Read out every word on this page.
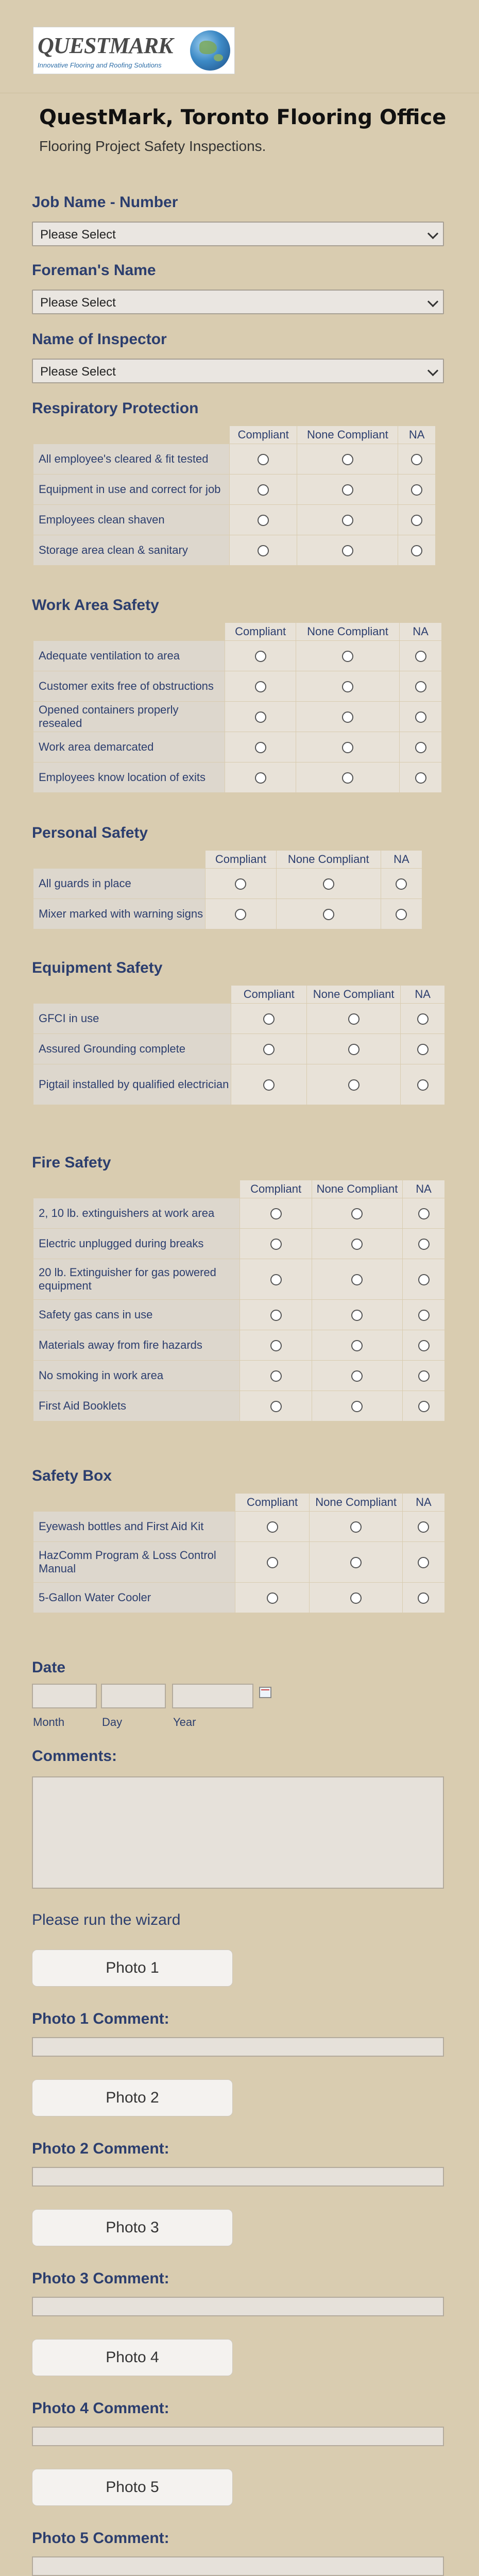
QUESTMARK
Innovative Flooring and Roofing Solutions
QuestMark, Toronto Flooring Office
Flooring Project Safety Inspections.
Job Name - Number
Please Select
Foreman's Name
Please Select
Name of Inspector
Please Select
Respiratory Protection
	Compliant	None Compliant	NA
All employee's cleared & fit tested			
Equipment in use and correct for job			
Employees clean shaven			
Storage area clean & sanitary			
Work Area Safety
	Compliant	None Compliant	NA
Adequate ventilation to area			
Customer exits free of obstructions			
Opened containers properly resealed			
Work area demarcated			
Employees know location of exits			
Personal Safety
	Compliant	None Compliant	NA
All guards in place			
Mixer marked with warning signs			
Equipment Safety
	Compliant	None Compliant	NA
GFCI in use			
Assured Grounding complete			
Pigtail installed by qualified electrician			
Fire Safety
	Compliant	None Compliant	NA
2, 10 lb. extinguishers at work area			
Electric unplugged during breaks			
20 lb. Extinguisher for gas powered equipment			
Safety gas cans in use			
Materials away from fire hazards			
No smoking in work area			
First Aid Booklets			
Safety Box
	Compliant	None Compliant	NA
Eyewash bottles and First Aid Kit			
HazComm Program & Loss Control Manual			
5-Gallon Water Cooler			
Date
Month	Day	Year
Comments:
Please run the wizard
Photo 1
Photo 1 Comment:
Photo 2
Photo 2 Comment:
Photo 3
Photo 3 Comment:
Photo 4
Photo 4 Comment:
Photo 5
Photo 5 Comment:
